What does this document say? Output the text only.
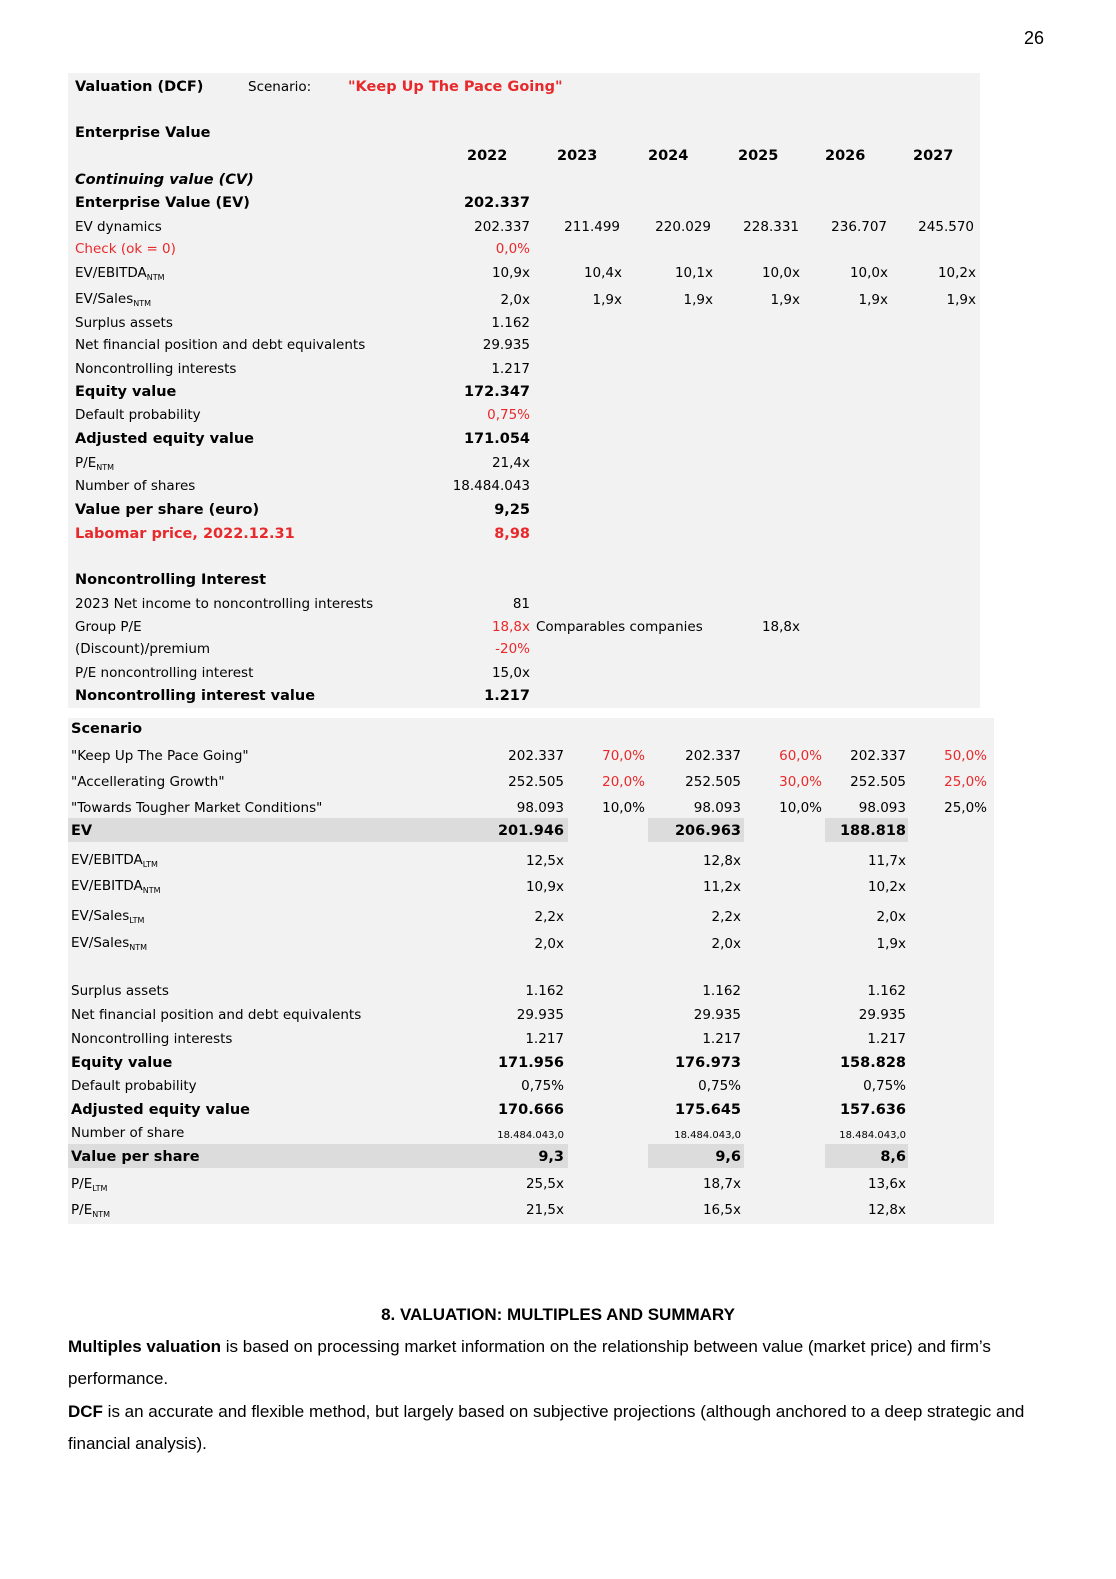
26
Valuation (DCF)	Scenario:	"Keep Up The Pace Going"
Enterprise Value
2022	2023	2024	2025	2026	2027
Continuing value (CV)
Enterprise Value (EV)	202.337
EV dynamics	202.337	211.499	220.029	228.331	236.707	245.570
Check (ok = 0)	0,0%
$EV/EBITDA_{NTM}$	10,9x	10,4x	10,1x	10,0x	10,0x	10,2x
EV/Sales$_{NTM}$	2,0x	1,9x	1,9x	1,9x	1,9x	1,9x
Surplus assets	1.162
Net financial position and debt equivalents	29.935
Noncontrolling interests	1.217
Equity value	172.347
Default probability	0,75%
Adjusted equity value	171.054
$P/E_{NTM}$	21,4x
Number of shares	18.484.043
Value per share (euro)	9,25
Labomar price, 2022.12.31	8,98
Noncontrolling Interest
2023 Net income to noncontrolling interests	81
Group P/E	18,8x Comparables companies	18,8x
(Discount)/premium	-20%
P/E noncontrolling interest	15,0x
Noncontrolling interest value	1.217
Scenario
"Keep Up The Pace Going"	202.337	70,0%	202.337	60,0%	202.337	50,0%
"Accellerating Growth"	252.505	20,0%	252.505	30,0%	252.505	25,0%
"Towards Tougher Market Conditions"	98.093	10,0%	98.093	10,0%	98.093	25,0%
EV	201.946	206.963	188.818
$EV/EBITDA_{LTM}$	12,5x	12,8x	11,7x
$EV/EBITDA_{NTM}$	10,9x	11,2x	10,2x
EV/Sales$_{LTM}$	2,2x	2,2x	2,0x
EV/Sales$_{NTM}$	2,0x	2,0x	1,9x
Surplus assets	1.162	1.162	1.162
Net financial position and debt equivalents	29.935	29.935	29.935
Noncontrolling interests	1.217	1.217	1.217
Equity value	171.956	176.973	158.828
Default probability	0,75%	0,75%	0,75%
Adjusted equity value	170.666	175.645	157.636
Number of share	18.484.043,0	18.484.043,0	18.484.043,0
Value per share	9,3	9,6	8,6
$P/E_{LTM}$	25,5x	18,7x	13,6x
$P/E_{NTM}$	21,5x	16,5x	12,8x
8. VALUATION: MULTIPLES AND SUMMARY
Multiples valuation is based on processing market information on the relationship between value (market price) and firm’s performance.
DCF is an accurate and flexible method, but largely based on subjective projections (although anchored to a deep strategic and financial analysis).
